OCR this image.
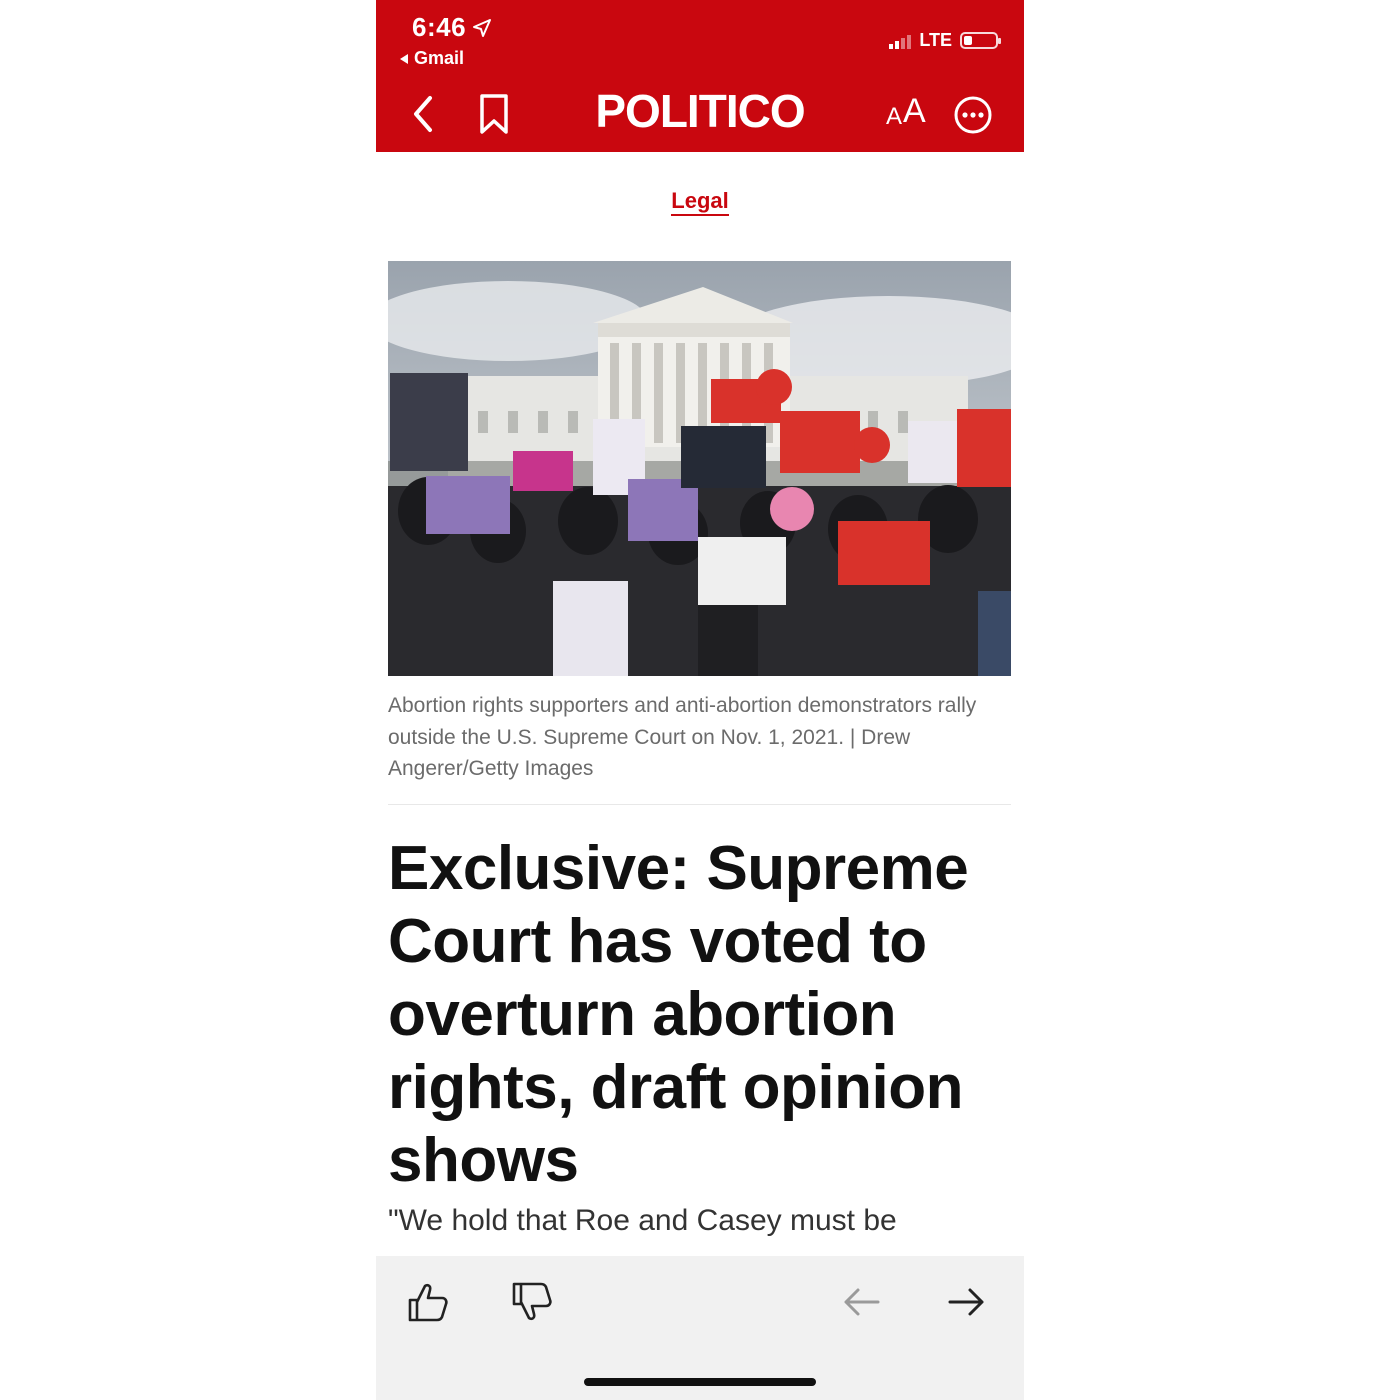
6:46
Gmail
LTE
POLITICO	A A
Legal
Abortion rights supporters and anti-abortion demonstrators rally outside the U.S. Supreme Court on Nov. 1, 2021. | Drew Angerer/Getty Images
Exclusive: Supreme Court has voted to overturn abortion rights, draft opinion shows
"We hold that Roe and Casey must be
